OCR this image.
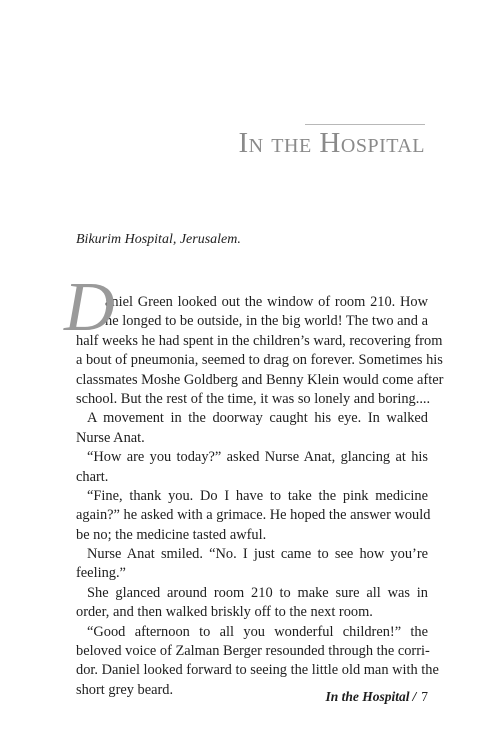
In the Hospital
Bikurim Hospital, Jerusalem.
D
aniel Green looked out the window of room 210. How
he longed to be outside, in the big world! The two and a
half weeks he had spent in the children’s ward, recovering from
a bout of pneumonia, seemed to drag on forever. Sometimes his
classmates Moshe Goldberg and Benny Klein would come after
school. But the rest of the time, it was so lonely and boring....
A movement in the doorway caught his eye. In walked
Nurse Anat.
“How are you today?” asked Nurse Anat, glancing at his
chart.
“Fine, thank you. Do I have to take the pink medicine
again?” he asked with a grimace. He hoped the answer would
be no; the medicine tasted awful.
Nurse Anat smiled. “No. I just came to see how you’re
feeling.”
She glanced around room 210 to make sure all was in
order, and then walked briskly off to the next room.
“Good afternoon to all you wonderful children!” the
beloved voice of Zalman Berger resounded through the corri-
dor. Daniel looked forward to seeing the little old man with the
short grey beard.	In the Hospital / 7
